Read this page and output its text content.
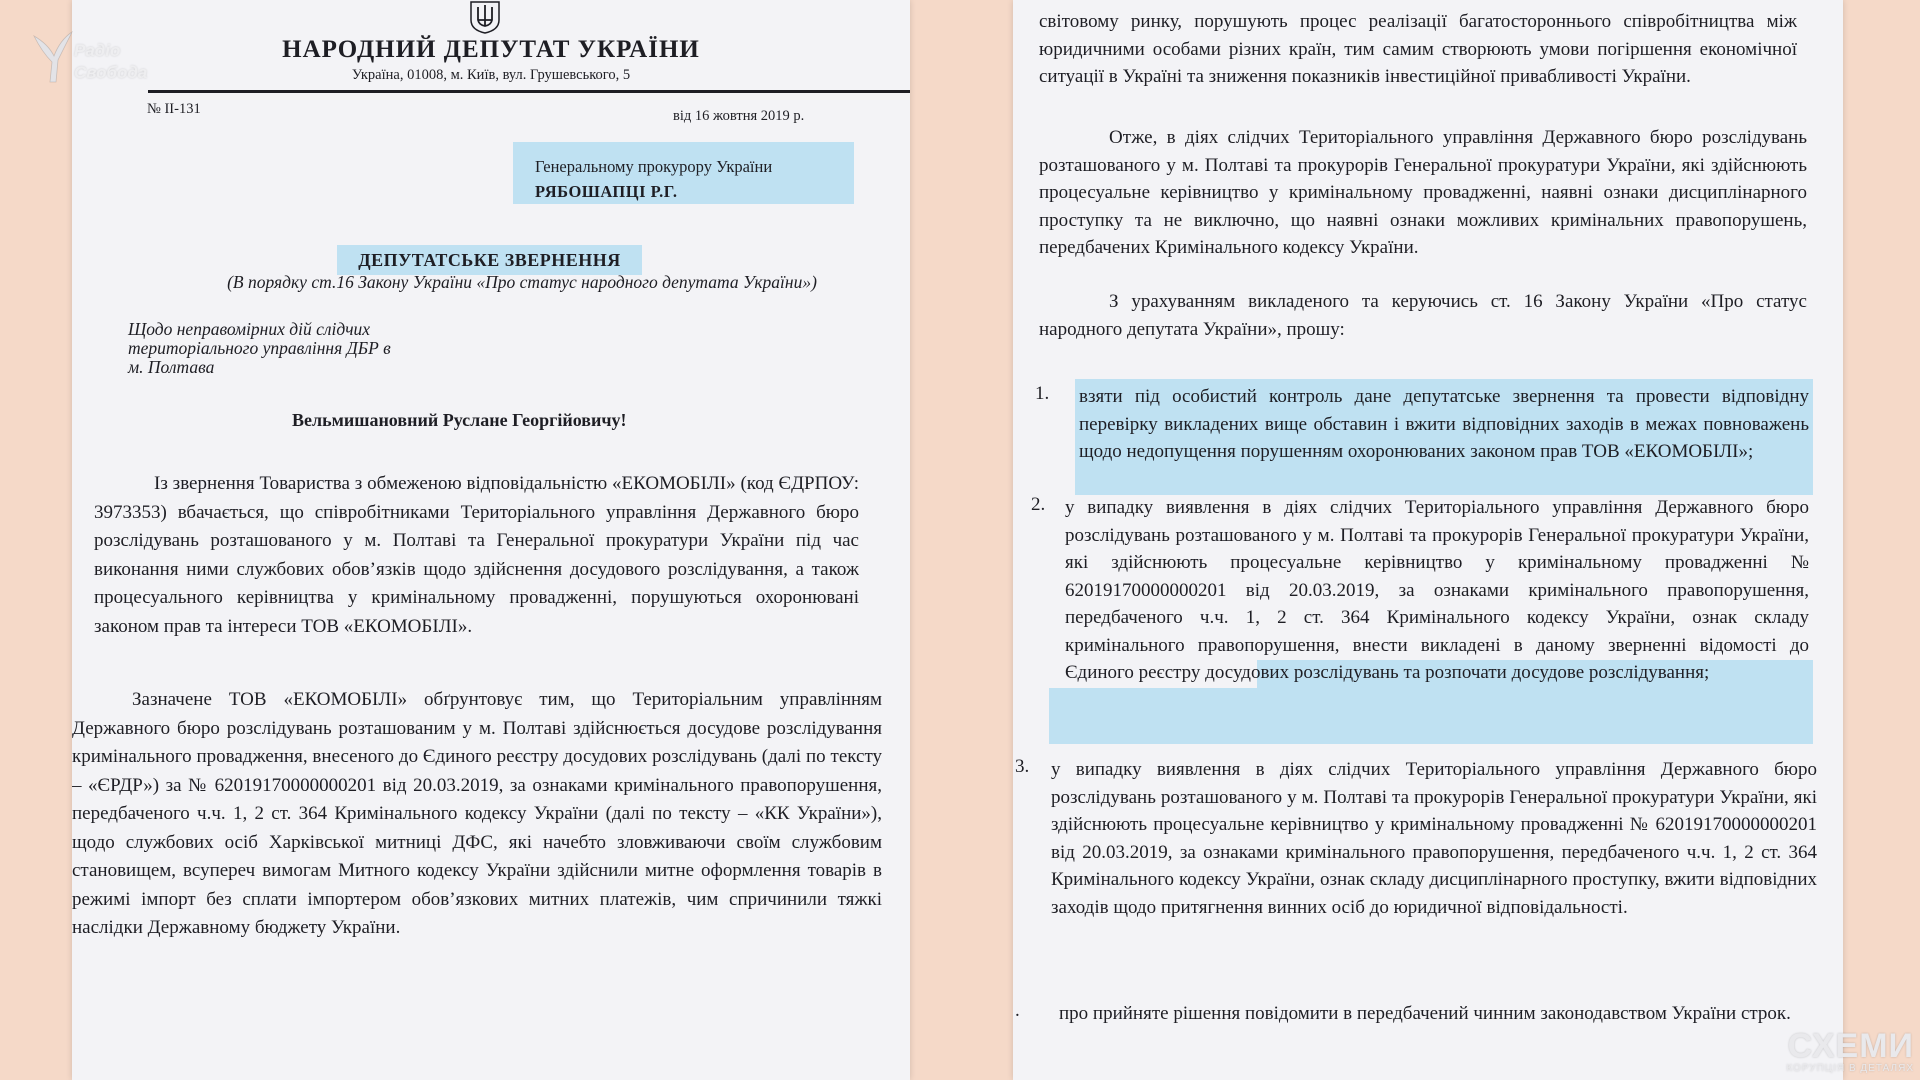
НАРОДНИЙ ДЕПУТАТ УКРАЇНИ
Україна, 01008, м. Київ, вул. Грушевського, 5
№ ІІ-131	від 16 жовтня 2019 р.
Генеральному прокурору України
РЯБОШАПЦІ Р.Г.
ДЕПУТАТСЬКЕ ЗВЕРНЕННЯ
(В порядку ст.16 Закону України «Про статус народного депутата України»)
Щодо неправомірних дій слідчих
територіального управління ДБР в
м. Полтава
Вельмишановний Руслане Георгійовичу!
Із звернення Товариства з обмеженою відповідальністю «ЕКОМОБІЛІ» (код ЄДРПОУ: 3973353) вбачається, що співробітниками Територіального управління Державного бюро розслідувань розташованого у м. Полтаві та Генеральної прокуратури України під час виконання ними службових обов’язків щодо здійснення досудового розслідування, а також процесуального керівництва у кримінальному провадженні, порушуються охоронювані законом прав та інтереси ТОВ «ЕКОМОБІЛІ».
Зазначене ТОВ «ЕКОМОБІЛІ» обґрунтовує тим, що Територіальним управлінням Державного бюро розслідувань розташованим у м. Полтаві здійснюється досудове розслідування кримінального провадження, внесеного до Єдиного реєстру досудових розслідувань (далі по тексту – «ЄРДР») за № 62019170000000201 від 20.03.2019, за ознаками кримінального правопорушення, передбаченого ч.ч. 1, 2 ст. 364 Кримінального кодексу України (далі по тексту – «КК України»), щодо службових осіб Харківської митниці ДФС, які начебто зловживаючи своїм службовим становищем, всупереч вимогам Митного кодексу України здійснили митне оформлення товарів в режимі імпорт без сплати імпортером обов’язкових митних платежів, чим спричинили тяжкі наслідки Державному бюджету України.
світовому ринку, порушують процес реалізації багатостороннього співробітництва між юридичними особами різних країн, тим самим створюють умови погіршення економічної ситуації в Україні та зниження показників інвестиційної привабливості України.
Отже, в діях слідчих Територіального управління Державного бюро розслідувань розташованого у м. Полтаві та прокурорів Генеральної прокуратури України, які здійснюють процесуальне керівництво у кримінальному провадженні, наявні ознаки дисциплінарного проступку та не виключно, що наявні ознаки можливих кримінальних правопорушень, передбачених Кримінального кодексу України.
З урахуванням викладеного та керуючись ст. 16 Закону України «Про статус народного депутата України», прошу:
1.	взяти під особистий контроль дане депутатське звернення та провести відповідну перевірку викладених вище обставин і вжити відповідних заходів в межах повноважень щодо недопущення порушенням охоронюваних законом прав ТОВ «ЕКОМОБІЛІ»;
2. у випадку виявлення в діях слідчих Територіального управління Державного бюро розслідувань розташованого у м. Полтаві та прокурорів Генеральної прокуратури України, які здійснюють процесуальне керівництво у кримінальному провадженні № 62019170000000201 від 20.03.2019, за ознаками кримінального правопорушення, передбаченого ч.ч. 1, 2 ст. 364 Кримінального кодексу України, ознак складу кримінального правопорушення, внести викладені в даному зверненні відомості до Єдиного реєстру досудових розслідувань та розпочати досудове розслідування;
3. у випадку виявлення в діях слідчих Територіального управління Державного бюро розслідувань розташованого у м. Полтаві та прокурорів Генеральної прокуратури України, які здійснюють процесуальне керівництво у кримінальному провадженні № 62019170000000201 від 20.03.2019, за ознаками кримінального правопорушення, передбаченого ч.ч. 1, 2 ст. 364 Кримінального кодексу України, ознак складу дисциплінарного проступку, вжити відповідних заходів щодо притягнення винних осіб до юридичної відповідальності.
. про прийняте рішення повідомити в передбачений чинним законодавством України строк.
Радіо
Свобода
СХЕМИ
КОРУПЦІЯ В ДЕТАЛЯХ
